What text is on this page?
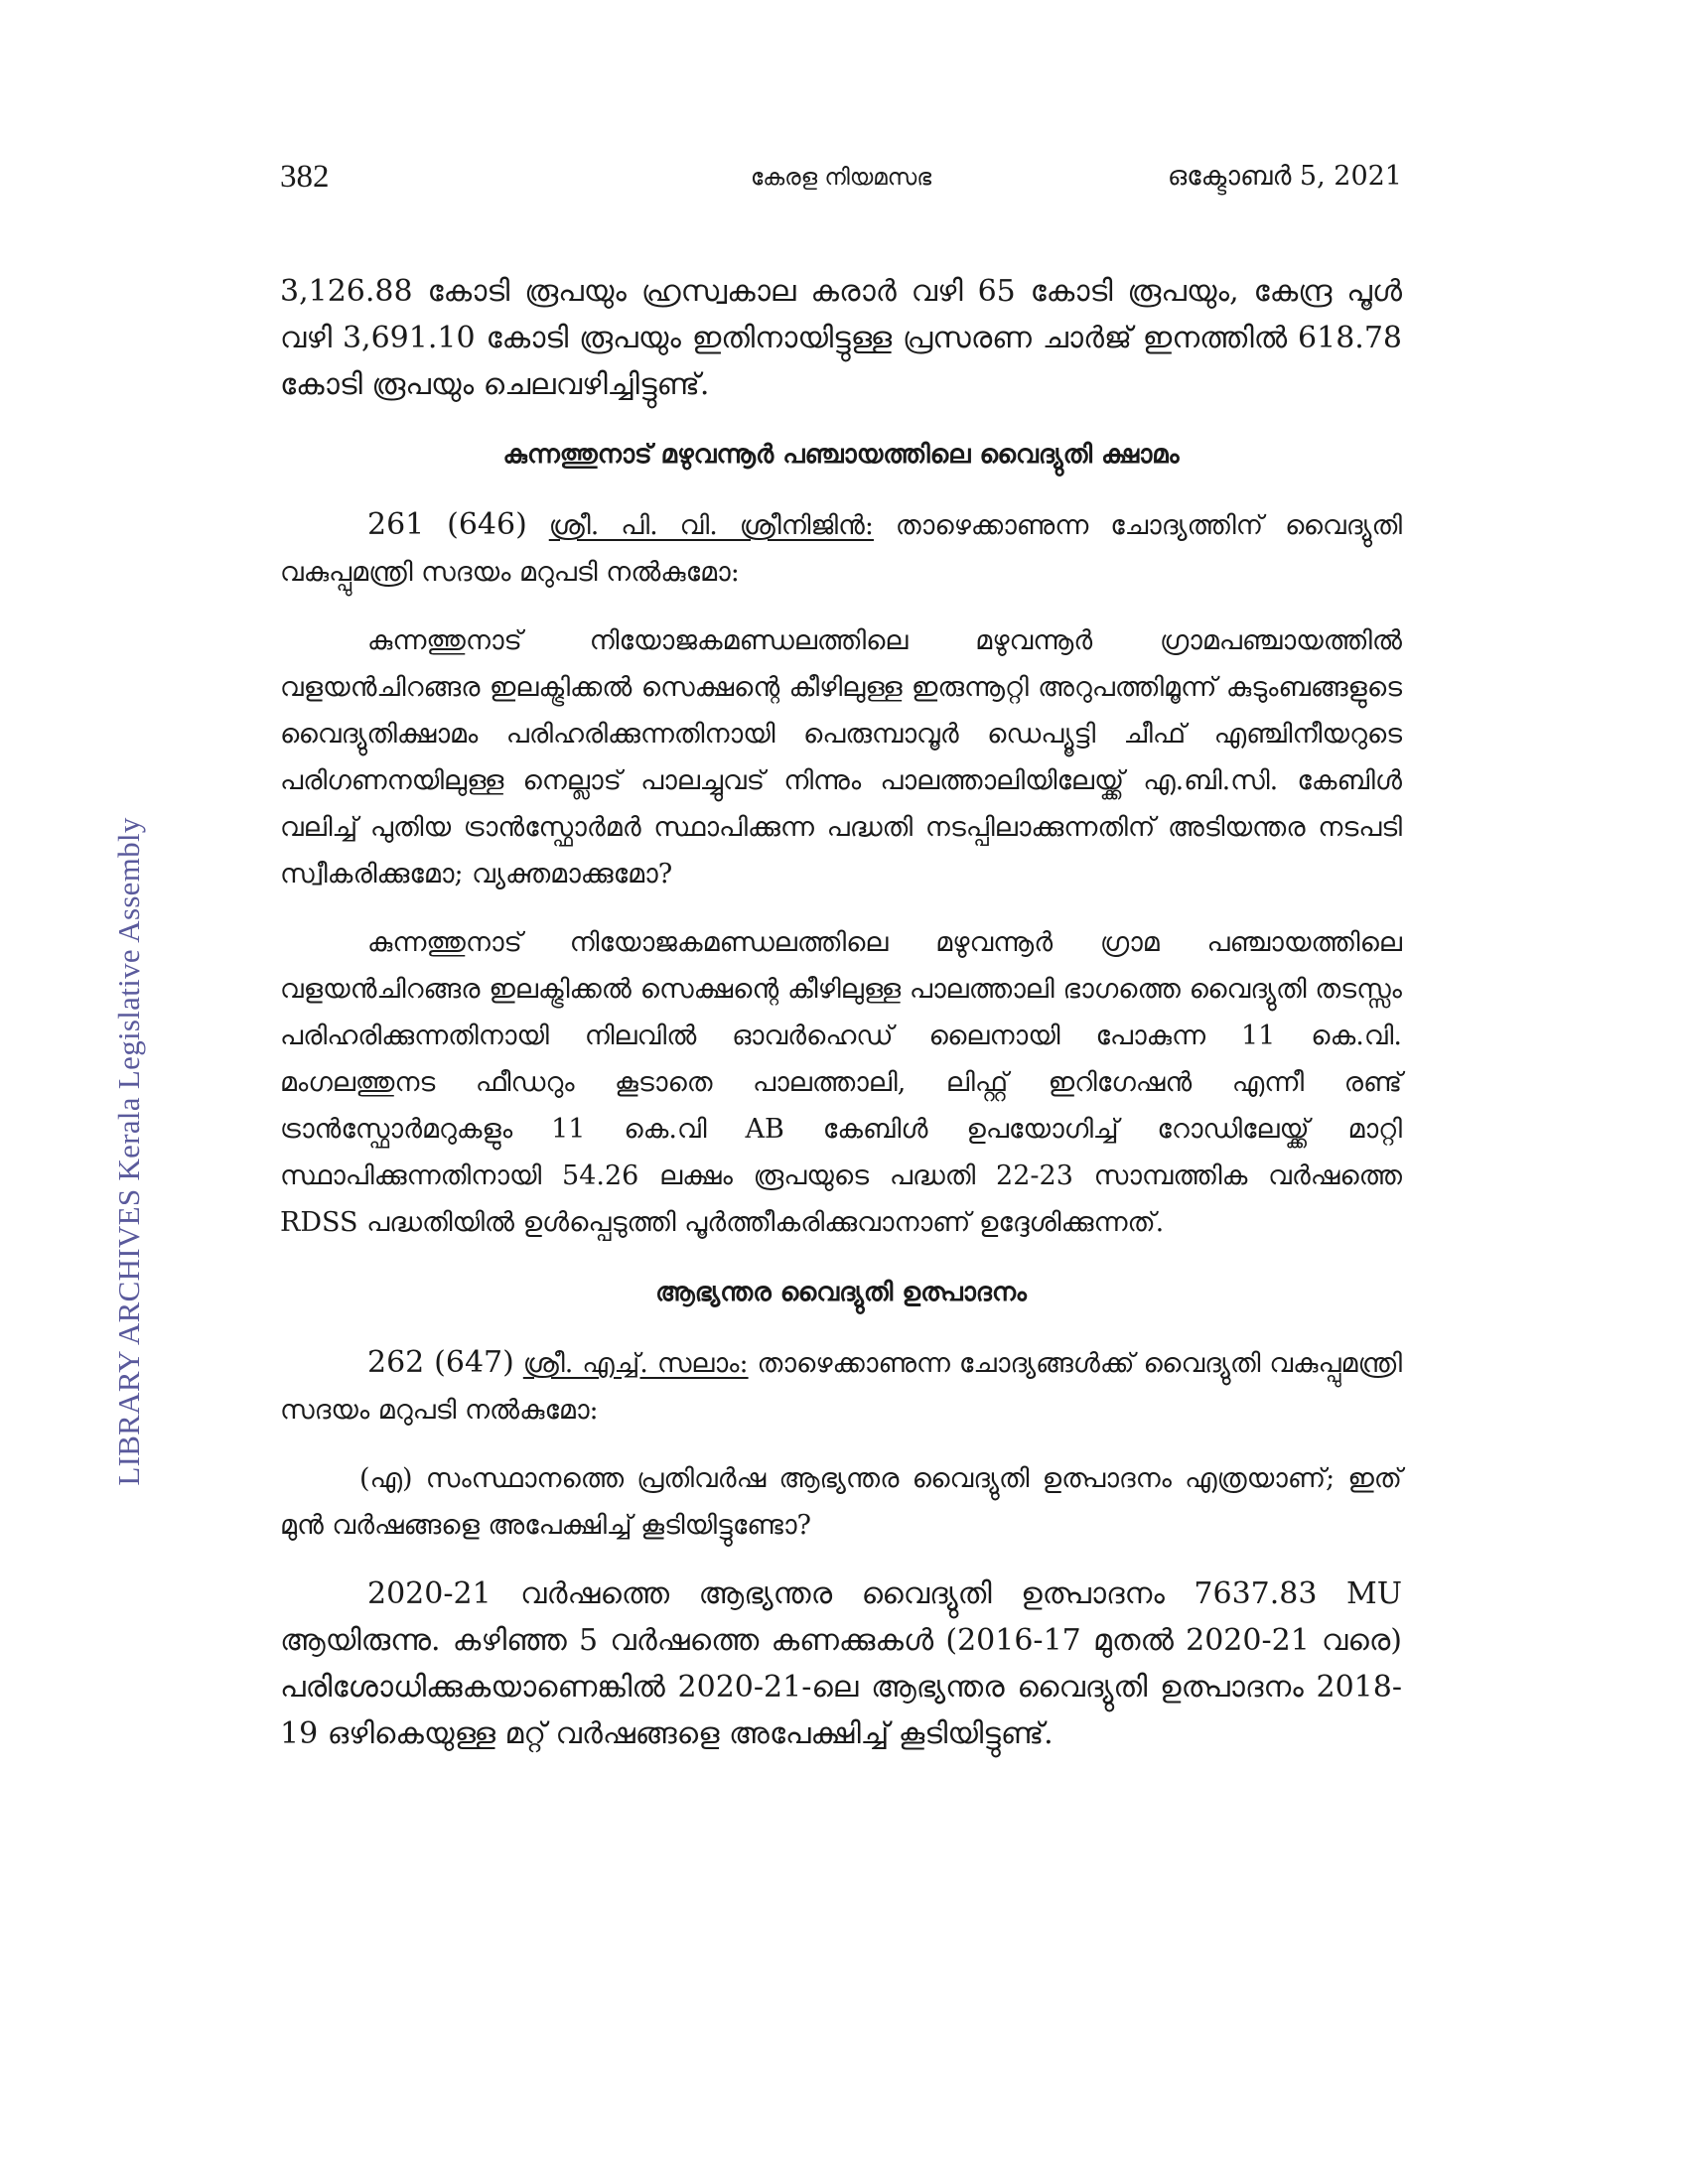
382	കേരള നിയമസഭ	ഒക്ടോബർ 5, 2021
LIBRARY ARCHIVES Kerala Legislative Assembly

3,126.88 കോടി രൂപയും ഹ്രസ്വകാല കരാർ വഴി 65 കോടി രൂപയും, കേന്ദ്ര പൂൾ വഴി 3,691.10 കോടി രൂപയും ഇതിനായിട്ടുള്ള പ്രസരണ ചാർജ് ഇനത്തിൽ 618.78 കോടി രൂപയും ചെലവഴിച്ചിട്ടുണ്ട്.

കുന്നത്തുനാട് മഴുവന്നൂർ പഞ്ചായത്തിലെ വൈദ്യുതി ക്ഷാമം

261 (646) ശ്രീ. പി. വി. ശ്രീനിജിൻ: താഴെക്കാണുന്ന ചോദ്യത്തിന് വൈദ്യുതി വകുപ്പുമന്ത്രി സദയം മറുപടി നൽകുമോ:

കുന്നത്തുനാട് നിയോജകമണ്ഡലത്തിലെ മഴുവന്നൂർ ഗ്രാമപഞ്ചായത്തിൽ വളയൻചിറങ്ങര ഇലക്ട്രിക്കൽ സെക്ഷന്റെ കീഴിലുള്ള ഇരുന്നൂറ്റി അറുപത്തിമൂന്ന് കുടുംബങ്ങളുടെ വൈദ്യുതിക്ഷാമം പരിഹരിക്കുന്നതിനായി പെരുമ്പാവൂർ ഡെപ്യൂട്ടി ചീഫ് എഞ്ചിനീയറുടെ പരിഗണനയിലുള്ള നെല്ലാട് പാലച്ചുവട് നിന്നും പാലത്താലിയിലേയ്ക്ക് എ.ബി.സി. കേബിൾ വലിച്ച് പുതിയ ട്രാൻസ്ഫോർമർ സ്ഥാപിക്കുന്ന പദ്ധതി നടപ്പിലാക്കുന്നതിന് അടിയന്തര നടപടി സ്വീകരിക്കുമോ; വ്യക്തമാക്കുമോ?

കുന്നത്തുനാട് നിയോജകമണ്ഡലത്തിലെ മഴുവന്നൂർ ഗ്രാമ പഞ്ചായത്തിലെ വളയൻചിറങ്ങര ഇലക്ട്രിക്കൽ സെക്ഷന്റെ കീഴിലുള്ള പാലത്താലി ഭാഗത്തെ വൈദ്യുതി തടസ്സം പരിഹരിക്കുന്നതിനായി നിലവിൽ ഓവർഹെഡ് ലൈനായി പോകുന്ന 11 കെ.വി. മംഗലത്തുനട ഫീഡറും കൂടാതെ പാലത്താലി, ലിഫ്റ്റ് ഇറിഗേഷൻ എന്നീ രണ്ട് ട്രാൻസ്ഫോർമറുകളും 11 കെ.വി AB കേബിൾ ഉപയോഗിച്ച് റോഡിലേയ്ക്ക് മാറ്റി സ്ഥാപിക്കുന്നതിനായി 54.26 ലക്ഷം രൂപയുടെ പദ്ധതി 22-23 സാമ്പത്തിക വർഷത്തെ RDSS പദ്ധതിയിൽ ഉൾപ്പെടുത്തി പൂർത്തീകരിക്കുവാനാണ് ഉദ്ദേശിക്കുന്നത്.

ആഭ്യന്തര വൈദ്യുതി ഉത്പാദനം

262 (647) ശ്രീ. എച്ച്. സലാം: താഴെക്കാണുന്ന ചോദ്യങ്ങൾക്ക് വൈദ്യുതി വകുപ്പുമന്ത്രി സദയം മറുപടി നൽകുമോ:

(എ) സംസ്ഥാനത്തെ പ്രതിവർഷ ആഭ്യന്തര വൈദ്യുതി ഉത്പാദനം എത്രയാണ്; ഇത് മുൻ വർഷങ്ങളെ അപേക്ഷിച്ച് കൂടിയിട്ടുണ്ടോ?

2020-21 വർഷത്തെ ആഭ്യന്തര വൈദ്യുതി ഉത്പാദനം 7637.83 MU ആയിരുന്നു. കഴിഞ്ഞ 5 വർഷത്തെ കണക്കുകൾ (2016-17 മുതൽ 2020-21 വരെ) പരിശോധിക്കുകയാണെങ്കിൽ 2020-21-ലെ ആഭ്യന്തര വൈദ്യുതി ഉത്പാദനം 2018-19 ഒഴികെയുള്ള മറ്റ് വർഷങ്ങളെ അപേക്ഷിച്ച് കൂടിയിട്ടുണ്ട്.
